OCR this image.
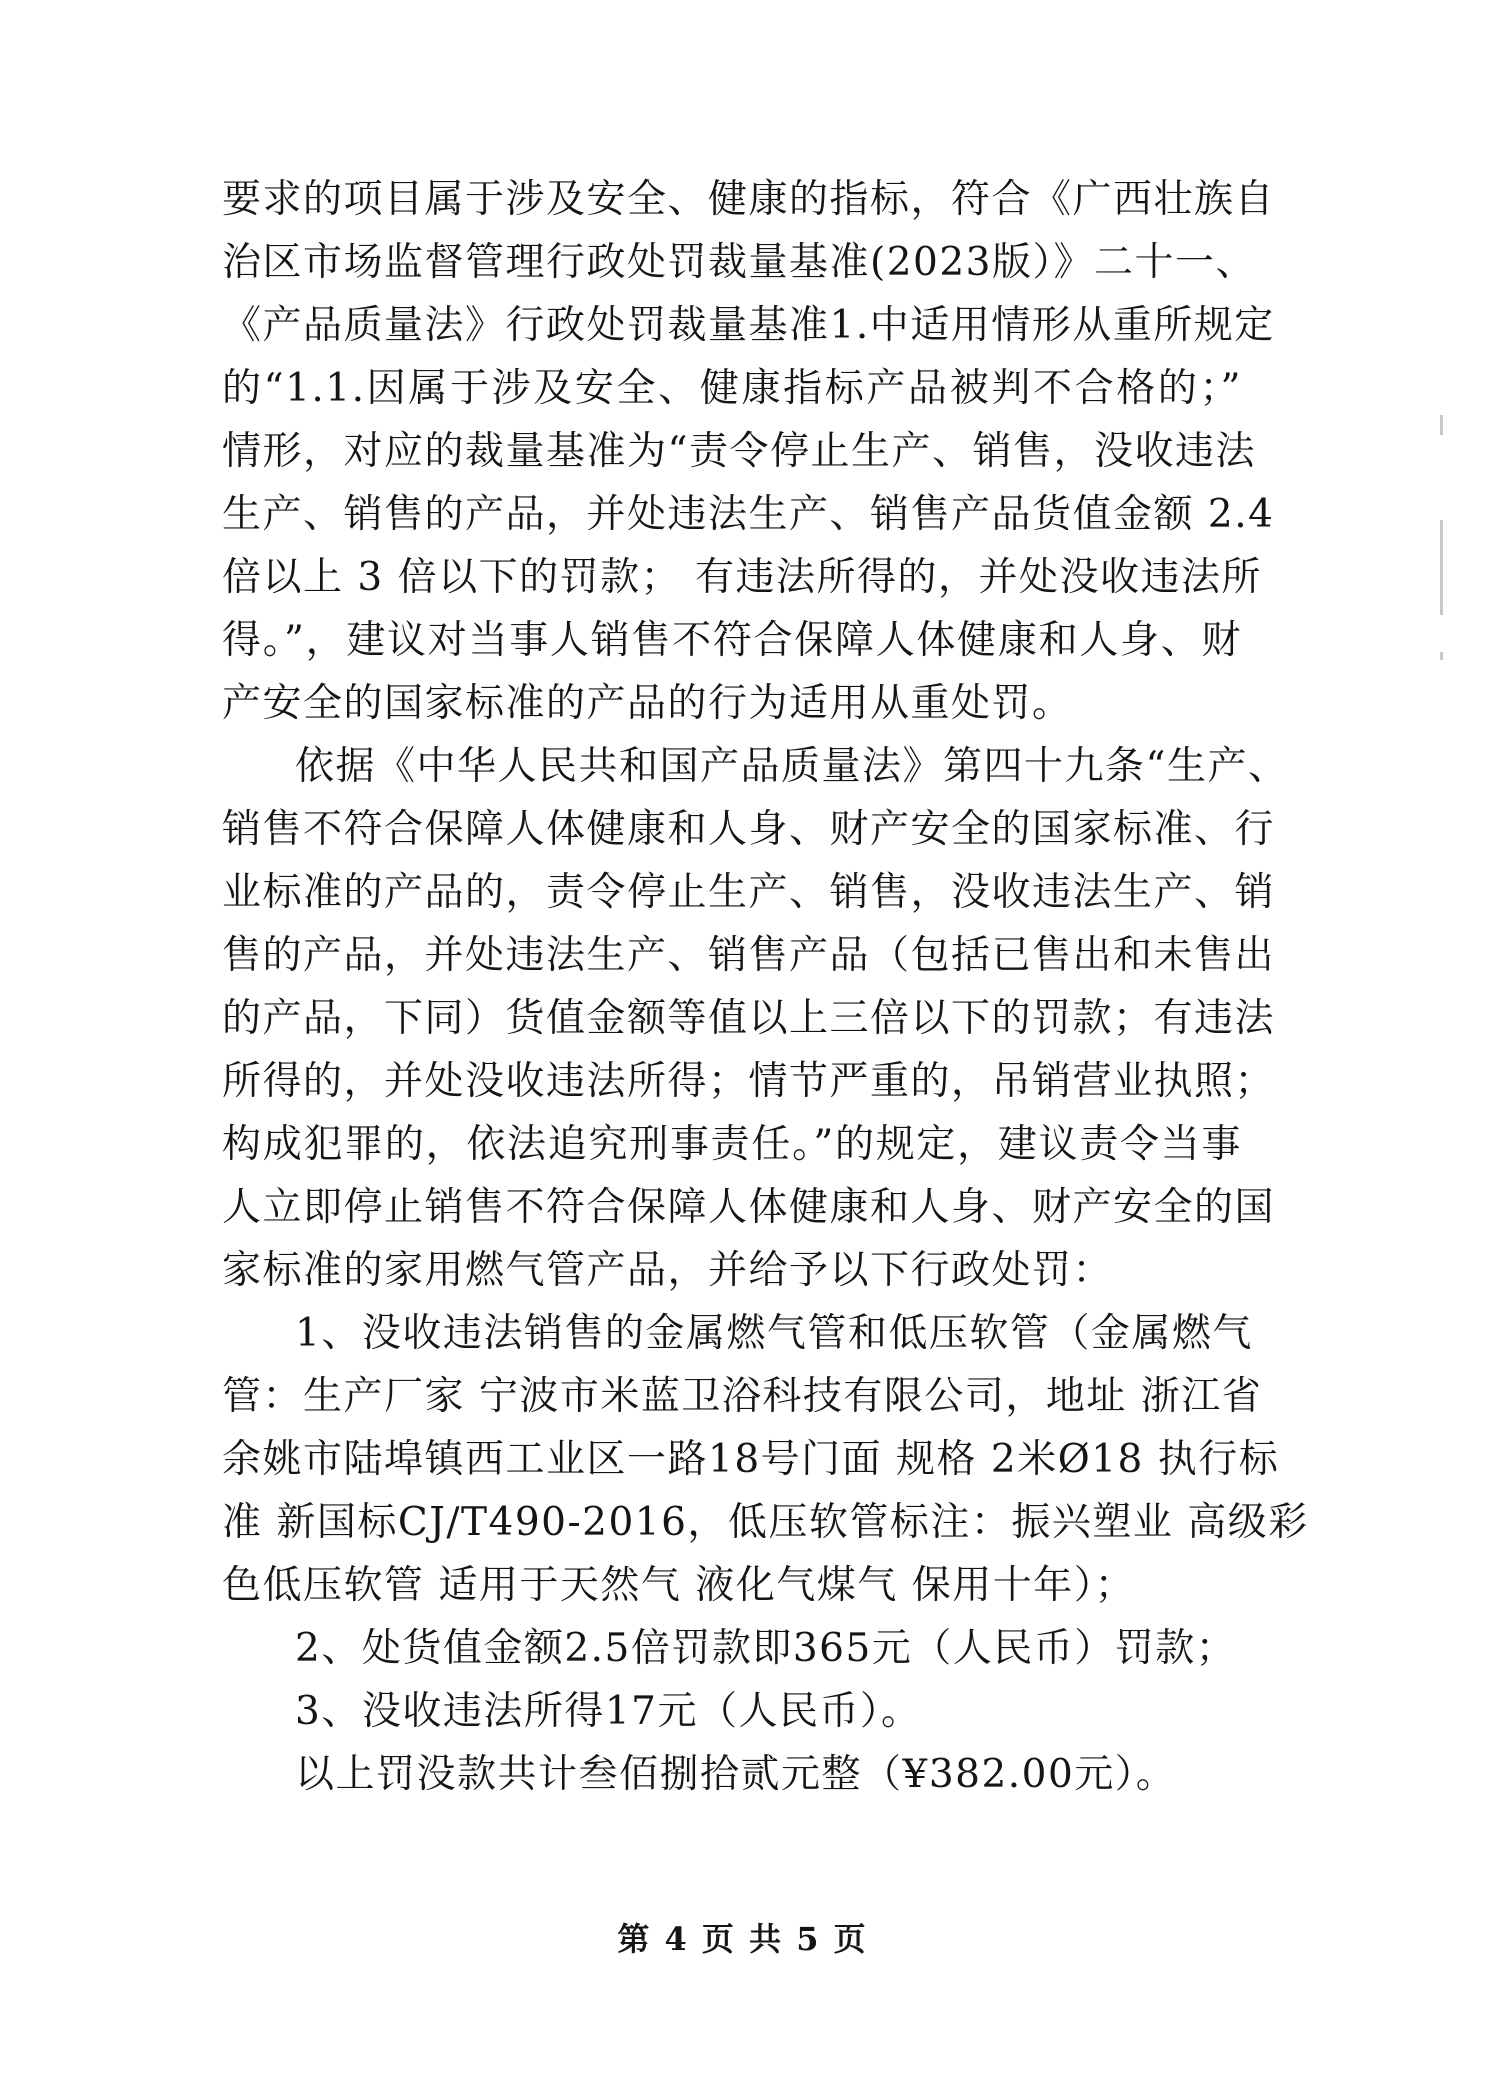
要求的项目属于涉及安全、健康的指标，符合《广西壮族自
治区市场监督管理行政处罚裁量基准(2023版）》二十一、
《产品质量法》行政处罚裁量基准1.中适用情形从重所规定
的“1.1.因属于涉及安全、健康指标产品被判不合格的；”
情形，对应的裁量基准为“责令停止生产、销售，没收违法
生产、销售的产品，并处违法生产、销售产品货值金额 2.4
倍以上 3 倍以下的罚款； 有违法所得的，并处没收违法所
得。”，建议对当事人销售不符合保障人体健康和人身、财
产安全的国家标准的产品的行为适用从重处罚。
依据《中华人民共和国产品质量法》第四十九条“生产、
销售不符合保障人体健康和人身、财产安全的国家标准、行
业标准的产品的，责令停止生产、销售，没收违法生产、销
售的产品，并处违法生产、销售产品（包括已售出和未售出
的产品，下同）货值金额等值以上三倍以下的罚款；有违法
所得的，并处没收违法所得；情节严重的，吊销营业执照；
构成犯罪的，依法追究刑事责任。”的规定，建议责令当事
人立即停止销售不符合保障人体健康和人身、财产安全的国
家标准的家用燃气管产品，并给予以下行政处罚：
1、没收违法销售的金属燃气管和低压软管（金属燃气
管：生产厂家 宁波市米蓝卫浴科技有限公司，地址 浙江省
余姚市陆埠镇西工业区一路18号门面 规格 2米Ø18 执行标
准 新国标CJ/T490-2016，低压软管标注：振兴塑业 高级彩
色低压软管 适用于天然气 液化气煤气 保用十年）；
2、处货值金额2.5倍罚款即365元（人民币）罚款；
3、没收违法所得17元（人民币）。
以上罚没款共计叁佰捌拾贰元整（¥382.00元）。
第 4 页 共 5 页
